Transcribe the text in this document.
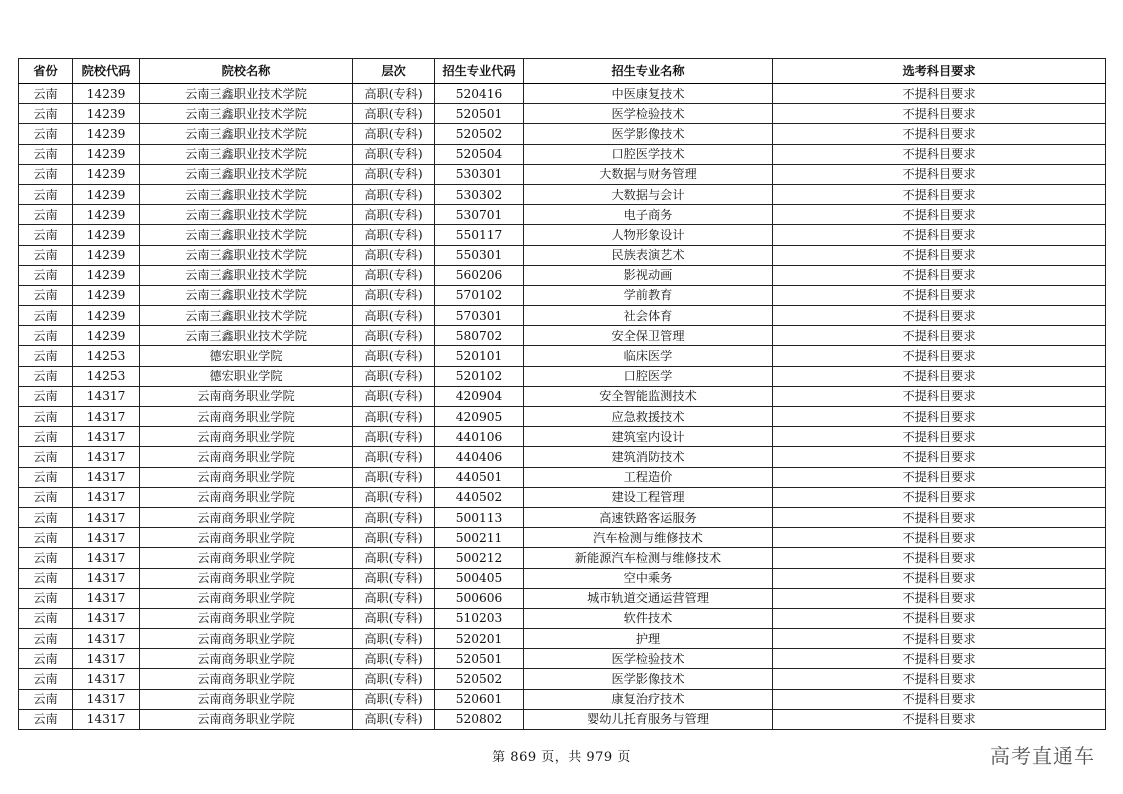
省份	院校代码	院校名称	层次	招生专业代码	招生专业名称	选考科目要求
云南	14239	云南三鑫职业技术学院	高职(专科)	520416	中医康复技术	不提科目要求
云南	14239	云南三鑫职业技术学院	高职(专科)	520501	医学检验技术	不提科目要求
云南	14239	云南三鑫职业技术学院	高职(专科)	520502	医学影像技术	不提科目要求
云南	14239	云南三鑫职业技术学院	高职(专科)	520504	口腔医学技术	不提科目要求
云南	14239	云南三鑫职业技术学院	高职(专科)	530301	大数据与财务管理	不提科目要求
云南	14239	云南三鑫职业技术学院	高职(专科)	530302	大数据与会计	不提科目要求
云南	14239	云南三鑫职业技术学院	高职(专科)	530701	电子商务	不提科目要求
云南	14239	云南三鑫职业技术学院	高职(专科)	550117	人物形象设计	不提科目要求
云南	14239	云南三鑫职业技术学院	高职(专科)	550301	民族表演艺术	不提科目要求
云南	14239	云南三鑫职业技术学院	高职(专科)	560206	影视动画	不提科目要求
云南	14239	云南三鑫职业技术学院	高职(专科)	570102	学前教育	不提科目要求
云南	14239	云南三鑫职业技术学院	高职(专科)	570301	社会体育	不提科目要求
云南	14239	云南三鑫职业技术学院	高职(专科)	580702	安全保卫管理	不提科目要求
云南	14253	德宏职业学院	高职(专科)	520101	临床医学	不提科目要求
云南	14253	德宏职业学院	高职(专科)	520102	口腔医学	不提科目要求
云南	14317	云南商务职业学院	高职(专科)	420904	安全智能监测技术	不提科目要求
云南	14317	云南商务职业学院	高职(专科)	420905	应急救援技术	不提科目要求
云南	14317	云南商务职业学院	高职(专科)	440106	建筑室内设计	不提科目要求
云南	14317	云南商务职业学院	高职(专科)	440406	建筑消防技术	不提科目要求
云南	14317	云南商务职业学院	高职(专科)	440501	工程造价	不提科目要求
云南	14317	云南商务职业学院	高职(专科)	440502	建设工程管理	不提科目要求
云南	14317	云南商务职业学院	高职(专科)	500113	高速铁路客运服务	不提科目要求
云南	14317	云南商务职业学院	高职(专科)	500211	汽车检测与维修技术	不提科目要求
云南	14317	云南商务职业学院	高职(专科)	500212	新能源汽车检测与维修技术	不提科目要求
云南	14317	云南商务职业学院	高职(专科)	500405	空中乘务	不提科目要求
云南	14317	云南商务职业学院	高职(专科)	500606	城市轨道交通运营管理	不提科目要求
云南	14317	云南商务职业学院	高职(专科)	510203	软件技术	不提科目要求
云南	14317	云南商务职业学院	高职(专科)	520201	护理	不提科目要求
云南	14317	云南商务职业学院	高职(专科)	520501	医学检验技术	不提科目要求
云南	14317	云南商务职业学院	高职(专科)	520502	医学影像技术	不提科目要求
云南	14317	云南商务职业学院	高职(专科)	520601	康复治疗技术	不提科目要求
云南	14317	云南商务职业学院	高职(专科)	520802	婴幼儿托育服务与管理	不提科目要求
第 869 页，共 979 页	高考直通车
